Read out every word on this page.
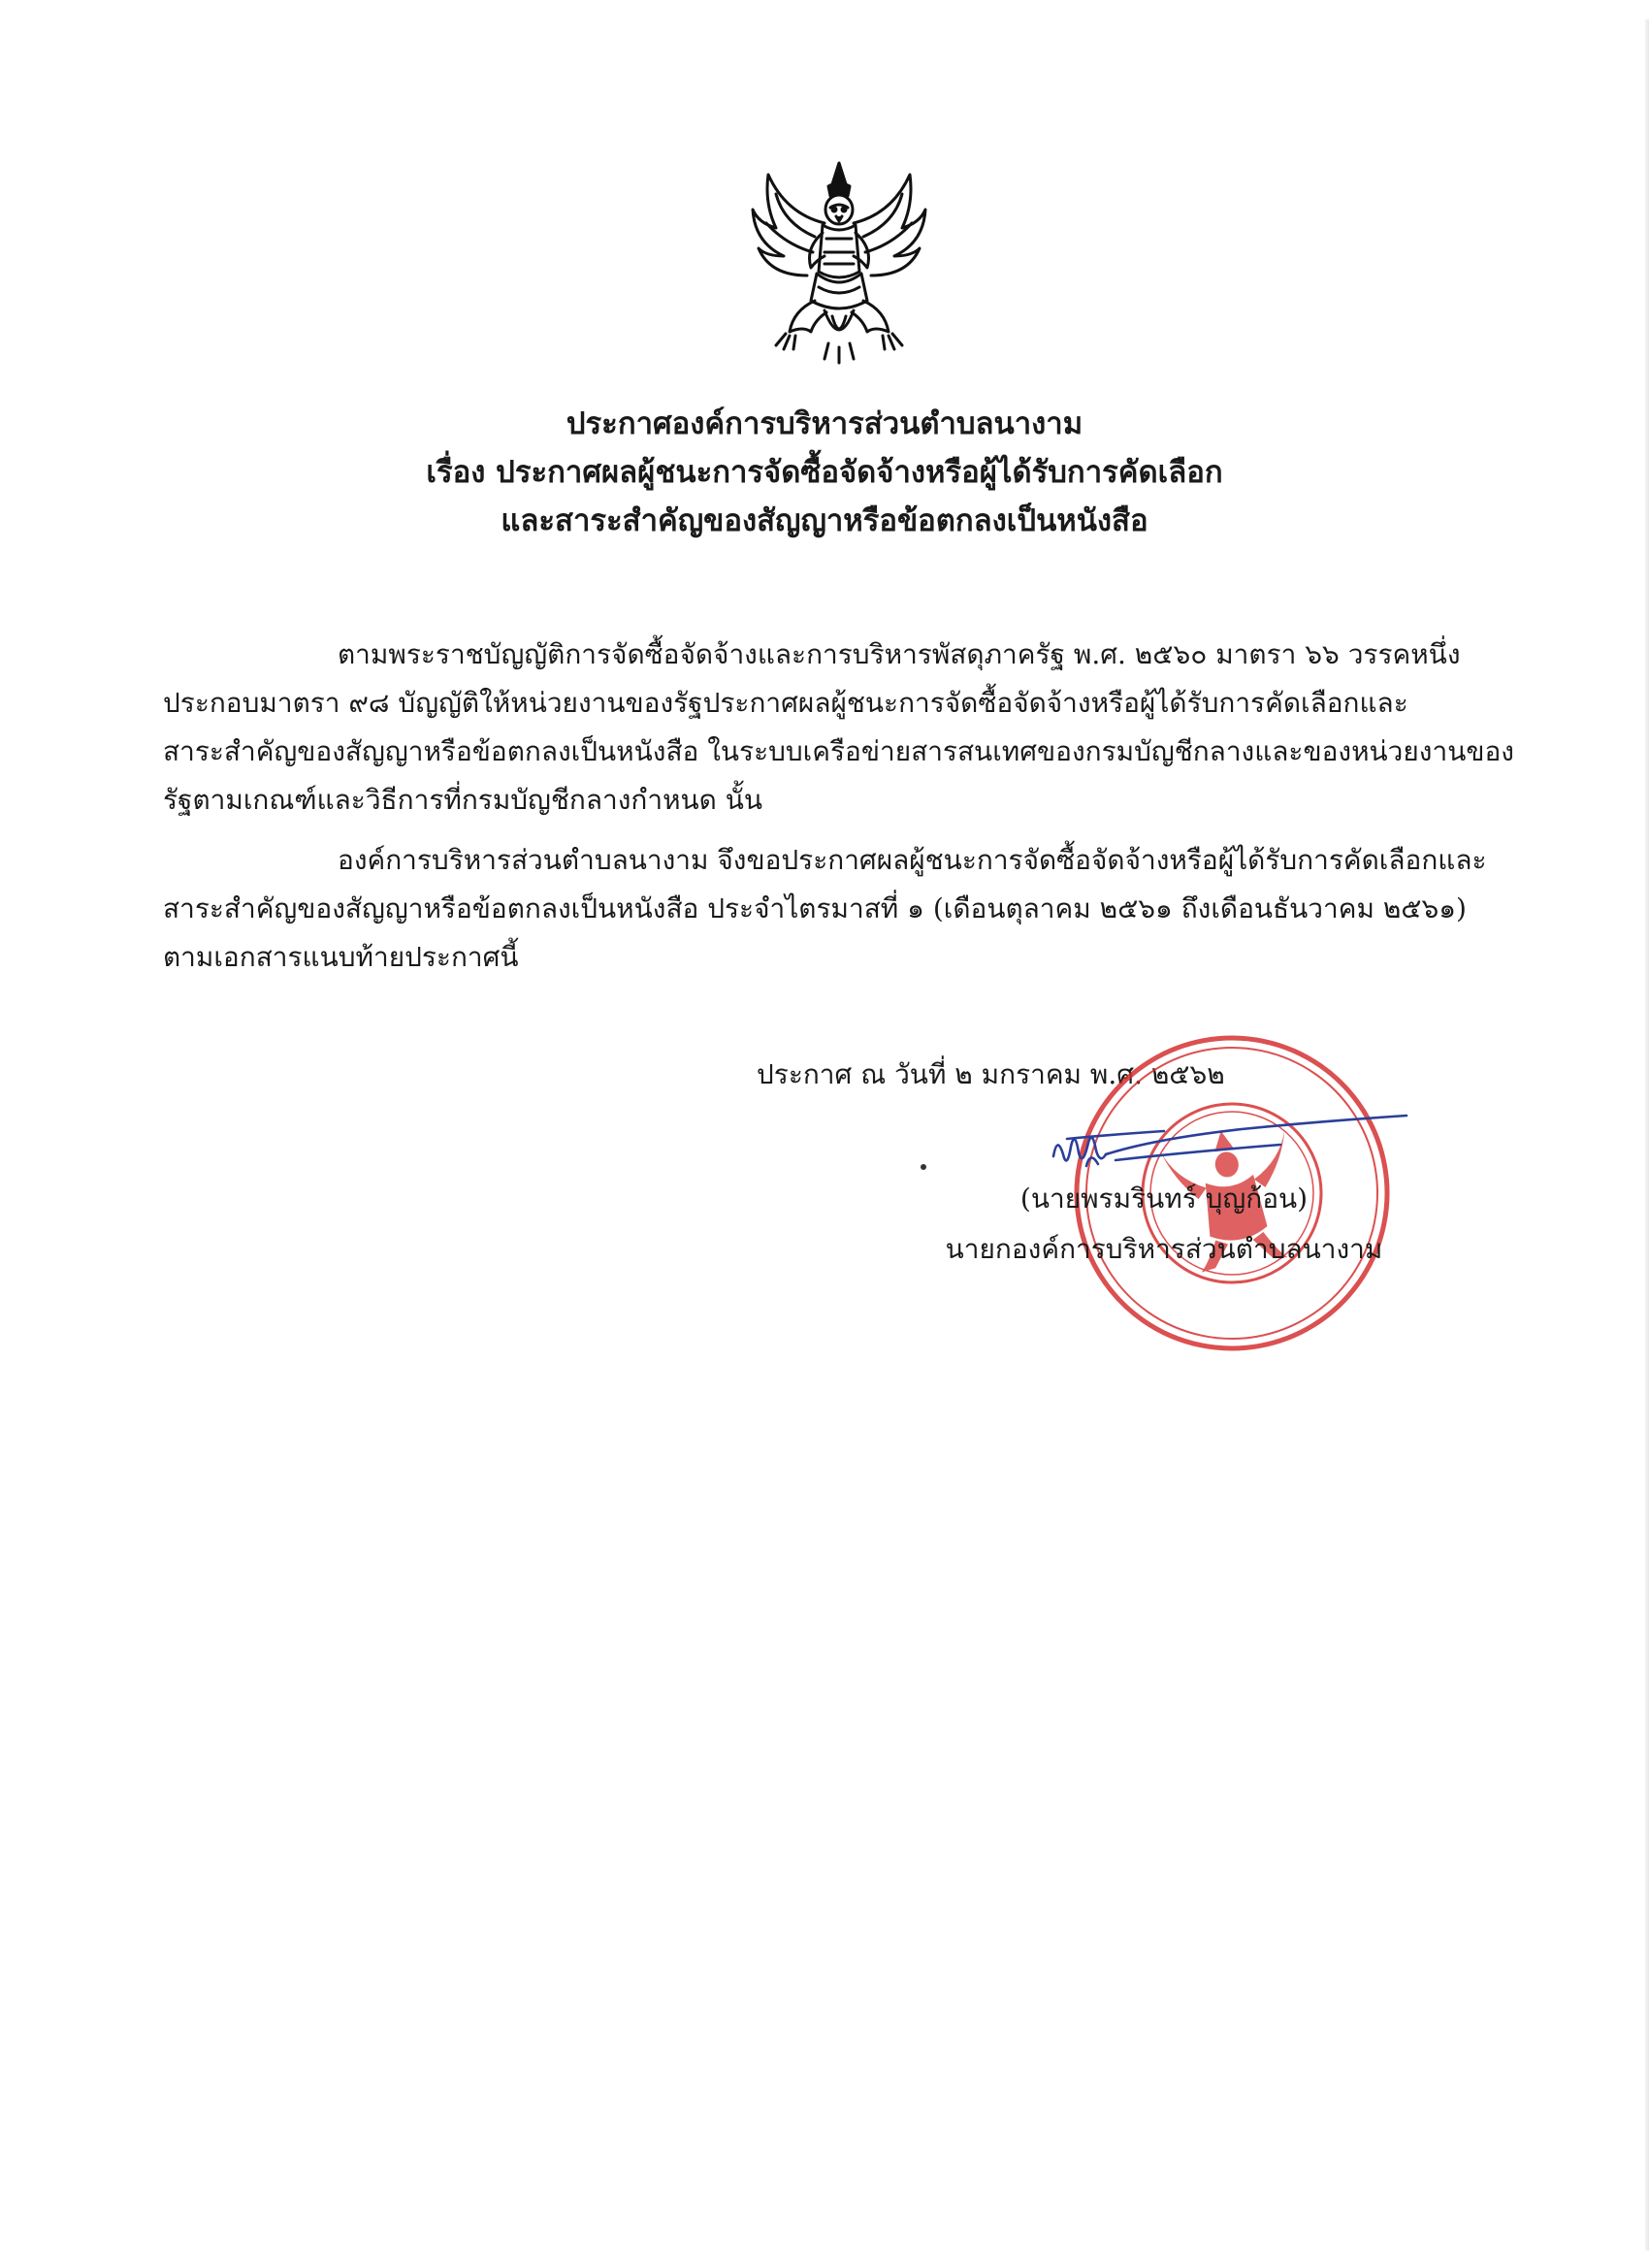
ประกาศองค์การบริหารส่วนตำบลนางาม
เรื่อง ประกาศผลผู้ชนะการจัดซื้อจัดจ้างหรือผู้ได้รับการคัดเลือก
และสาระสำคัญของสัญญาหรือข้อตกลงเป็นหนังสือ
ตามพระราชบัญญัติการจัดซื้อจัดจ้างและการบริหารพัสดุภาครัฐ พ.ศ. ๒๕๖๐ มาตรา ๖๖ วรรคหนึ่ง
ประกอบมาตรา ๙๘ บัญญัติให้หน่วยงานของรัฐประกาศผลผู้ชนะการจัดซื้อจัดจ้างหรือผู้ได้รับการคัดเลือกและ
สาระสำคัญของสัญญาหรือข้อตกลงเป็นหนังสือ ในระบบเครือข่ายสารสนเทศของกรมบัญชีกลางและของหน่วยงานของ
รัฐตามเกณฑ์และวิธีการที่กรมบัญชีกลางกำหนด นั้น
องค์การบริหารส่วนตำบลนางาม จึงขอประกาศผลผู้ชนะการจัดซื้อจัดจ้างหรือผู้ได้รับการคัดเลือกและ
สาระสำคัญของสัญญาหรือข้อตกลงเป็นหนังสือ ประจำไตรมาสที่ ๑ (เดือนตุลาคม ๒๕๖๑ ถึงเดือนธันวาคม ๒๕๖๑)
ตามเอกสารแนบท้ายประกาศนี้
ประกาศ ณ วันที่ ๒ มกราคม พ.ศ. ๒๕๖๒
(นายพรมรินทร์ บุญก้อน)
นายกองค์การบริหารส่วนตำบลนางาม
